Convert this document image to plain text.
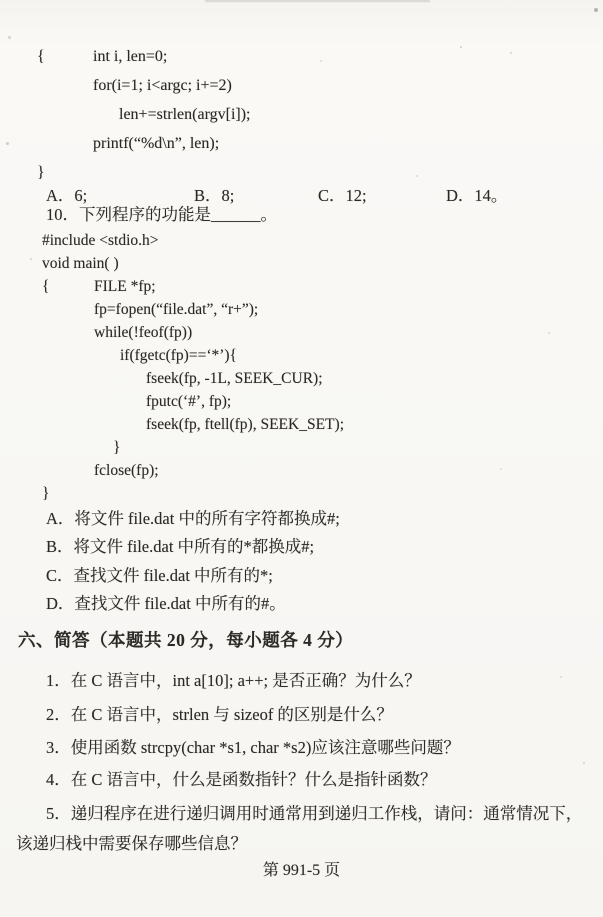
{	int i, len=0;
for(i=1; i<argc; i+=2)
len+=strlen(argv[i]);
printf(“%d\n”, len);
}
A．6;	B．8;	C．12;	D．14。
10．下列程序的功能是______。
#include <stdio.h>
void main( )
{	FILE *fp;
fp=fopen(“file.dat”, “r+”);
while(!feof(fp))
if(fgetc(fp)==‘*’){
fseek(fp, -1L, SEEK_CUR);
fputc(‘#’, fp);
fseek(fp, ftell(fp), SEEK_SET);
}
fclose(fp);
}
A．将文件 file.dat 中的所有字符都换成#;
B．将文件 file.dat 中所有的*都换成#;
C．查找文件 file.dat 中所有的*;
D．查找文件 file.dat 中所有的#。
六、简答（本题共 20 分，每小题各 4 分）
1．在 C 语言中，int a[10]; a++; 是否正确？为什么？
2．在 C 语言中，strlen 与 sizeof 的区别是什么？
3．使用函数 strcpy(char *s1, char *s2)应该注意哪些问题？
4．在 C 语言中，什么是函数指针？什么是指针函数？
5．递归程序在进行递归调用时通常用到递归工作栈，请问：通常情况下，该递归栈中需要保存哪些信息？
第 991-5 页
